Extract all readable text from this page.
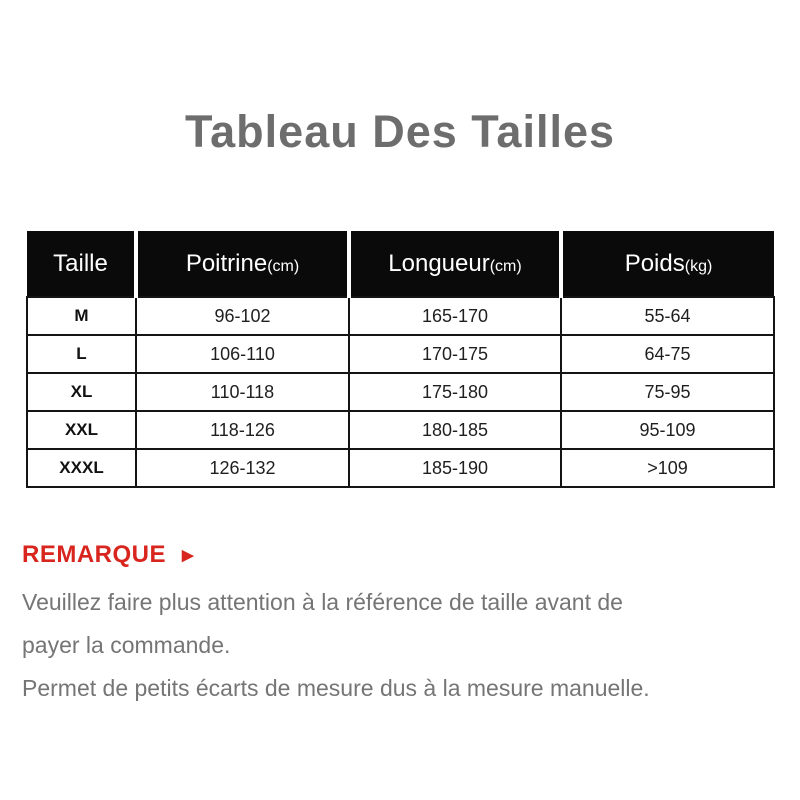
Tableau Des Tailles
Taille	Poitrine(cm)	Longueur(cm)	Poids(kg)
M	96-102	165-170	55-64
L	106-110	170-175	64-75
XL	110-118	175-180	75-95
XXL	118-126	180-185	95-109
XXXL	126-132	185-190	>109
REMARQUE ▶
Veuillez faire plus attention à la référence de taille avant de
payer la commande.
Permet de petits écarts de mesure dus à la mesure manuelle.
